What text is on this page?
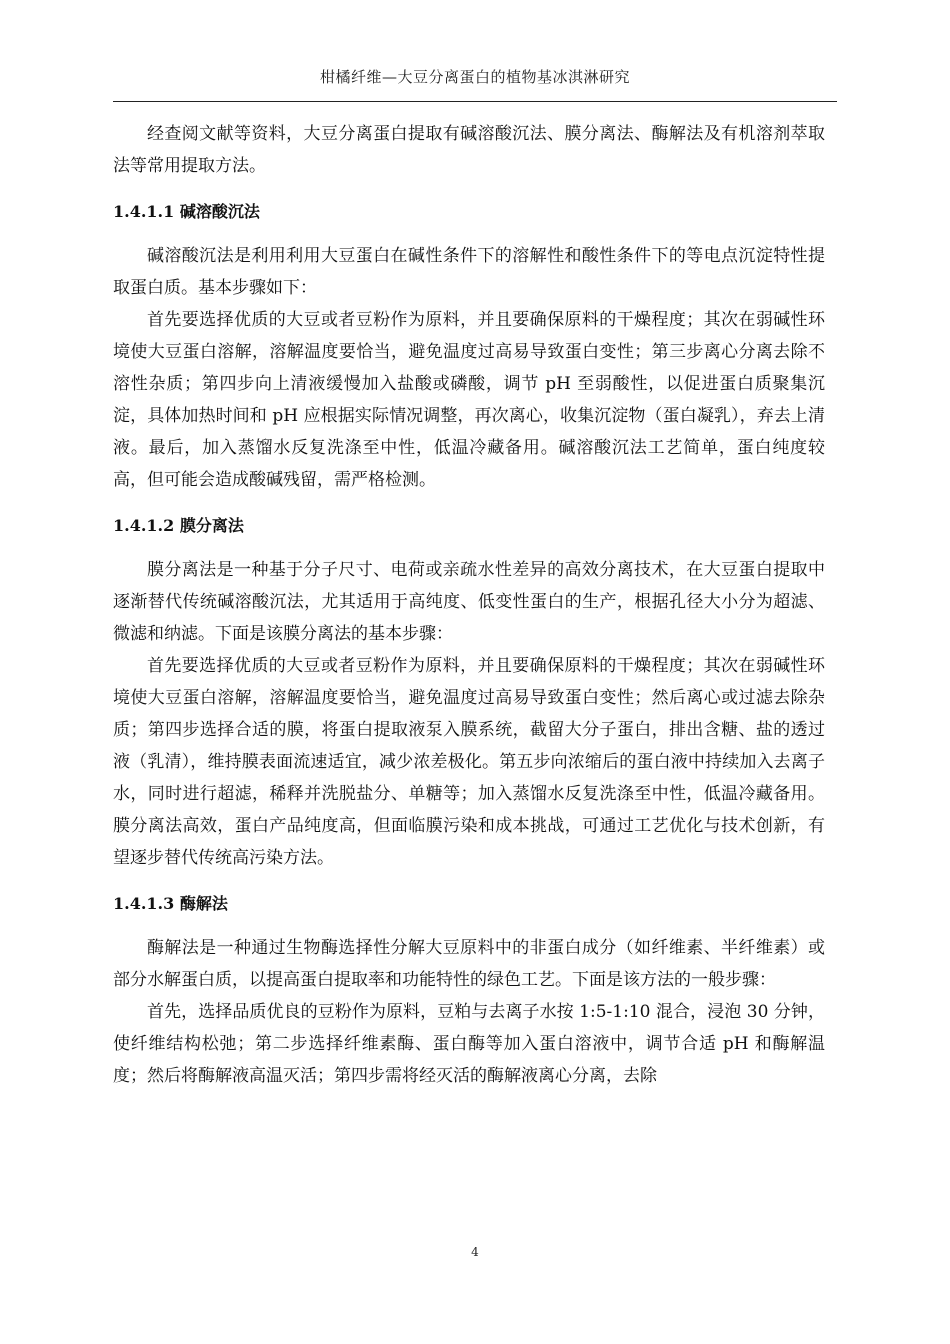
柑橘纤维—大豆分离蛋白的植物基冰淇淋研究

经查阅文献等资料，大豆分离蛋白提取有碱溶酸沉法、膜分离法、酶解法及有机溶剂萃取法等常用提取方法。

1.4.1.1 碱溶酸沉法

碱溶酸沉法是利用利用大豆蛋白在碱性条件下的溶解性和酸性条件下的等电点沉淀特性提取蛋白质。基本步骤如下：

首先要选择优质的大豆或者豆粉作为原料，并且要确保原料的干燥程度；其次在弱碱性环境使大豆蛋白溶解，溶解温度要恰当，避免温度过高易导致蛋白变性；第三步离心分离去除不溶性杂质；第四步向上清液缓慢加入盐酸或磷酸，调节 pH 至弱酸性，以促进蛋白质聚集沉淀，具体加热时间和 pH 应根据实际情况调整，再次离心，收集沉淀物（蛋白凝乳），弃去上清液。最后，加入蒸馏水反复洗涤至中性，低温冷藏备用。碱溶酸沉法工艺简单，蛋白纯度较高，但可能会造成酸碱残留，需严格检测。

1.4.1.2 膜分离法

膜分离法是一种基于分子尺寸、电荷或亲疏水性差异的高效分离技术，在大豆蛋白提取中逐渐替代传统碱溶酸沉法，尤其适用于高纯度、低变性蛋白的生产，根据孔径大小分为超滤、微滤和纳滤。下面是该膜分离法的基本步骤：

首先要选择优质的大豆或者豆粉作为原料，并且要确保原料的干燥程度；其次在弱碱性环境使大豆蛋白溶解，溶解温度要恰当，避免温度过高易导致蛋白变性；然后离心或过滤去除杂质；第四步选择合适的膜，将蛋白提取液泵入膜系统，截留大分子蛋白，排出含糖、盐的透过液（乳清），维持膜表面流速适宜，减少浓差极化。第五步向浓缩后的蛋白液中持续加入去离子水，同时进行超滤，稀释并洗脱盐分、单糖等；加入蒸馏水反复洗涤至中性，低温冷藏备用。膜分离法高效，蛋白产品纯度高，但面临膜污染和成本挑战，可通过工艺优化与技术创新，有望逐步替代传统高污染方法。

1.4.1.3 酶解法

酶解法是一种通过生物酶选择性分解大豆原料中的非蛋白成分（如纤维素、半纤维素）或部分水解蛋白质，以提高蛋白提取率和功能特性的绿色工艺。下面是该方法的一般步骤：

首先，选择品质优良的豆粉作为原料，豆粕与去离子水按 1:5-1:10 混合，浸泡 30 分钟，使纤维结构松弛；第二步选择纤维素酶、蛋白酶等加入蛋白溶液中，调节合适 pH 和酶解温度；然后将酶解液高温灭活；第四步需将经灭活的酶解液离心分离，去除

4
